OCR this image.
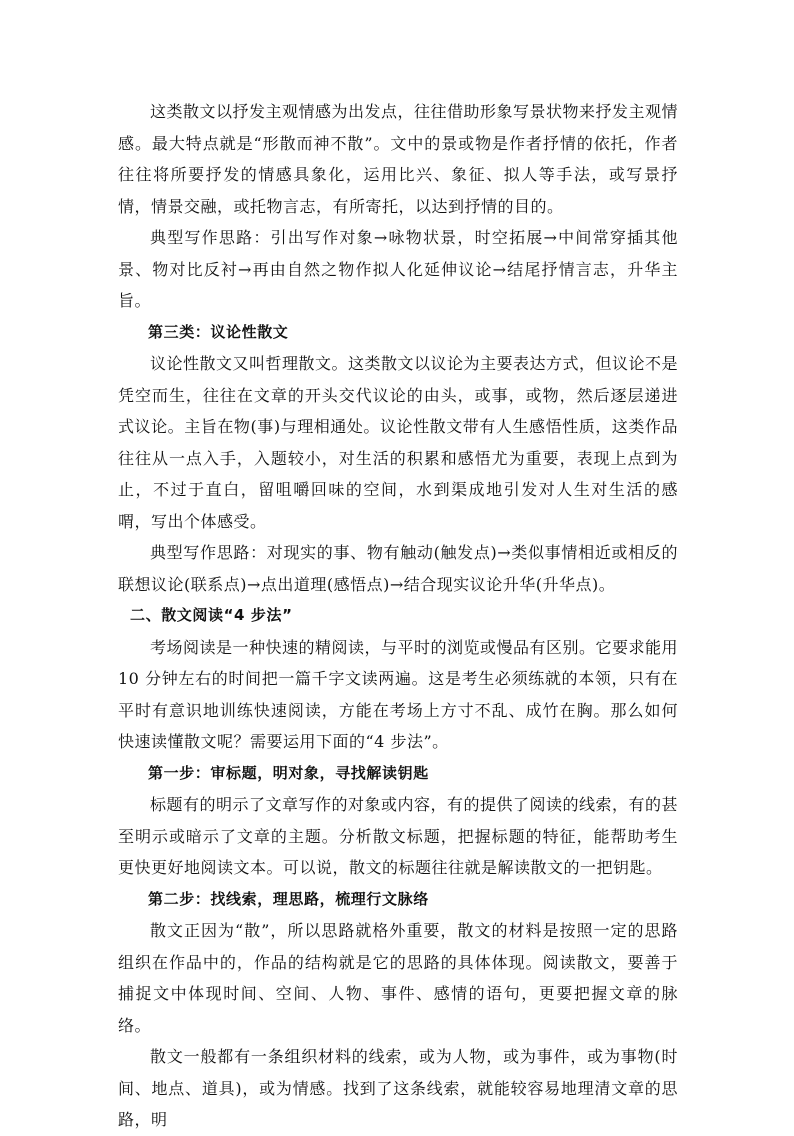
这类散文以抒发主观情感为出发点，往往借助形象写景状物来抒发主观情感。最大特点就是“形散而神不散”。文中的景或物是作者抒情的依托，作者往往将所要抒发的情感具象化，运用比兴、象征、拟人等手法，或写景抒情，情景交融，或托物言志，有所寄托，以达到抒情的目的。

典型写作思路：引出写作对象→咏物状景，时空拓展→中间常穿插其他景、物对比反衬→再由自然之物作拟人化延伸议论→结尾抒情言志，升华主旨。

第三类：议论性散文

议论性散文又叫哲理散文。这类散文以议论为主要表达方式，但议论不是凭空而生，往往在文章的开头交代议论的由头，或事，或物，然后逐层递进式议论。主旨在物(事)与理相通处。议论性散文带有人生感悟性质，这类作品往往从一点入手，入题较小，对生活的积累和感悟尤为重要，表现上点到为止，不过于直白，留咀嚼回味的空间，水到渠成地引发对人生对生活的感喟，写出个体感受。

典型写作思路：对现实的事、物有触动(触发点)→类似事情相近或相反的联想议论(联系点)→点出道理(感悟点)→结合现实议论升华(升华点)。

二、散文阅读“4 步法”

考场阅读是一种快速的精阅读，与平时的浏览或慢品有区别。它要求能用 10 分钟左右的时间把一篇千字文读两遍。这是考生必须练就的本领，只有在平时有意识地训练快速阅读，方能在考场上方寸不乱、成竹在胸。那么如何快速读懂散文呢？需要运用下面的“4 步法”。

第一步：审标题，明对象，寻找解读钥匙

标题有的明示了文章写作的对象或内容，有的提供了阅读的线索，有的甚至明示或暗示了文章的主题。分析散文标题，把握标题的特征，能帮助考生更快更好地阅读文本。可以说，散文的标题往往就是解读散文的一把钥匙。

第二步：找线索，理思路，梳理行文脉络

散文正因为“散”，所以思路就格外重要，散文的材料是按照一定的思路组织在作品中的，作品的结构就是它的思路的具体体现。阅读散文，要善于捕捉文中体现时间、空间、人物、事件、感情的语句，更要把握文章的脉络。

散文一般都有一条组织材料的线索，或为人物，或为事件，或为事物(时间、地点、道具)，或为情感。找到了这条线索，就能较容易地理清文章的思路，明
